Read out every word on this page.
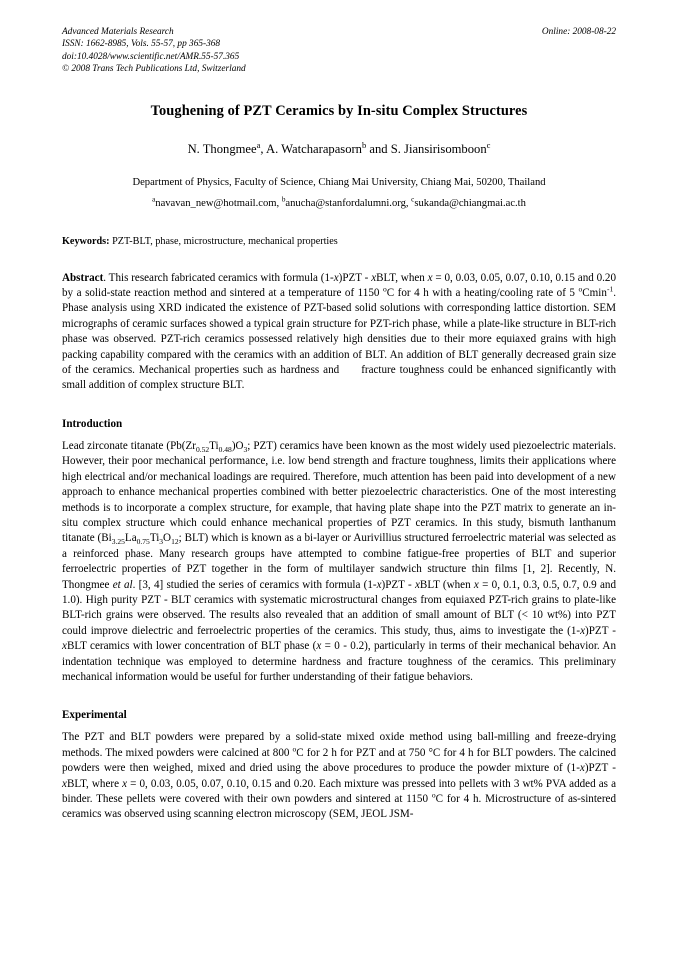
Advanced Materials Research
ISSN: 1662-8985, Vols. 55-57, pp 365-368
doi:10.4028/www.scientific.net/AMR.55-57.365
© 2008 Trans Tech Publications Ltd, Switzerland
Online: 2008-08-22
Toughening of PZT Ceramics by In-situ Complex Structures
N. Thongmee$^a$, A. Watcharapasorn$^b$ and S. Jiansirisomboon$^c$
Department of Physics, Faculty of Science, Chiang Mai University, Chiang Mai, 50200, Thailand
$^a$navavan_new@hotmail.com, $^b$anucha@stanfordalumni.org, $^c$sukanda@chiangmai.ac.th
Keywords: PZT-BLT, phase, microstructure, mechanical properties
Abstract. This research fabricated ceramics with formula (1-x)PZT - xBLT, when x = 0, 0.03, 0.05, 0.07, 0.10, 0.15 and 0.20 by a solid-state reaction method and sintered at a temperature of 1150 $^o$C for 4 h with a heating/cooling rate of 5 $^o$Cmin$^{-1}$. Phase analysis using XRD indicated the existence of PZT-based solid solutions with corresponding lattice distortion. SEM micrographs of ceramic surfaces showed a typical grain structure for PZT-rich phase, while a plate-like structure in BLT-rich phase was observed. PZT-rich ceramics possessed relatively high densities due to their more equiaxed grains with high packing capability compared with the ceramics with an addition of BLT. An addition of BLT generally decreased grain size of the ceramics. Mechanical properties such as hardness and fracture toughness could be enhanced significantly with small addition of complex structure BLT.
Introduction
Lead zirconate titanate ($Pb(Zr_{0.52}Ti_{0.48})O_3$; PZT) ceramics have been known as the most widely used piezoelectric materials. However, their poor mechanical performance, i.e. low bend strength and fracture toughness, limits their applications where high electrical and/or mechanical loadings are required. Therefore, much attention has been paid into development of a new approach to enhance mechanical properties combined with better piezoelectric characteristics. One of the most interesting methods is to incorporate a complex structure, for example, that having plate shape into the PZT matrix to generate an in-situ complex structure which could enhance mechanical properties of PZT ceramics. In this study, bismuth lanthanum titanate ($Bi_{3.25}La_{0.75}Ti_3O_{12}$; BLT) which is known as a bi-layer or Aurivillius structured ferroelectric material was selected as a reinforced phase. Many research groups have attempted to combine fatigue-free properties of BLT and superior ferroelectric properties of PZT together in the form of multilayer sandwich structure thin films [1, 2]. Recently, N. Thongmee et al. [3, 4] studied the series of ceramics with formula (1-x)PZT - xBLT (when x = 0, 0.1, 0.3, 0.5, 0.7, 0.9 and 1.0). High purity PZT - BLT ceramics with systematic microstructural changes from equiaxed PZT-rich grains to plate-like BLT-rich grains were observed. The results also revealed that an addition of small amount of BLT (< 10 wt%) into PZT could improve dielectric and ferroelectric properties of the ceramics. This study, thus, aims to investigate the (1-x)PZT - xBLT ceramics with lower concentration of BLT phase (x = 0 - 0.2), particularly in terms of their mechanical behavior. An indentation technique was employed to determine hardness and fracture toughness of the ceramics. This preliminary mechanical information would be useful for further understanding of their fatigue behaviors.
Experimental
The PZT and BLT powders were prepared by a solid-state mixed oxide method using ball-milling and freeze-drying methods. The mixed powders were calcined at 800 $^o$C for 2 h for PZT and at 750 °C for 4 h for BLT powders. The calcined powders were then weighed, mixed and dried using the above procedures to produce the powder mixture of (1-x)PZT - xBLT, where x = 0, 0.03, 0.05, 0.07, 0.10, 0.15 and 0.20. Each mixture was pressed into pellets with 3 wt% PVA added as a binder. These pellets were covered with their own powders and sintered at 1150 $^o$C for 4 h. Microstructure of as-sintered ceramics was observed using scanning electron microscopy (SEM, JEOL JSM-
